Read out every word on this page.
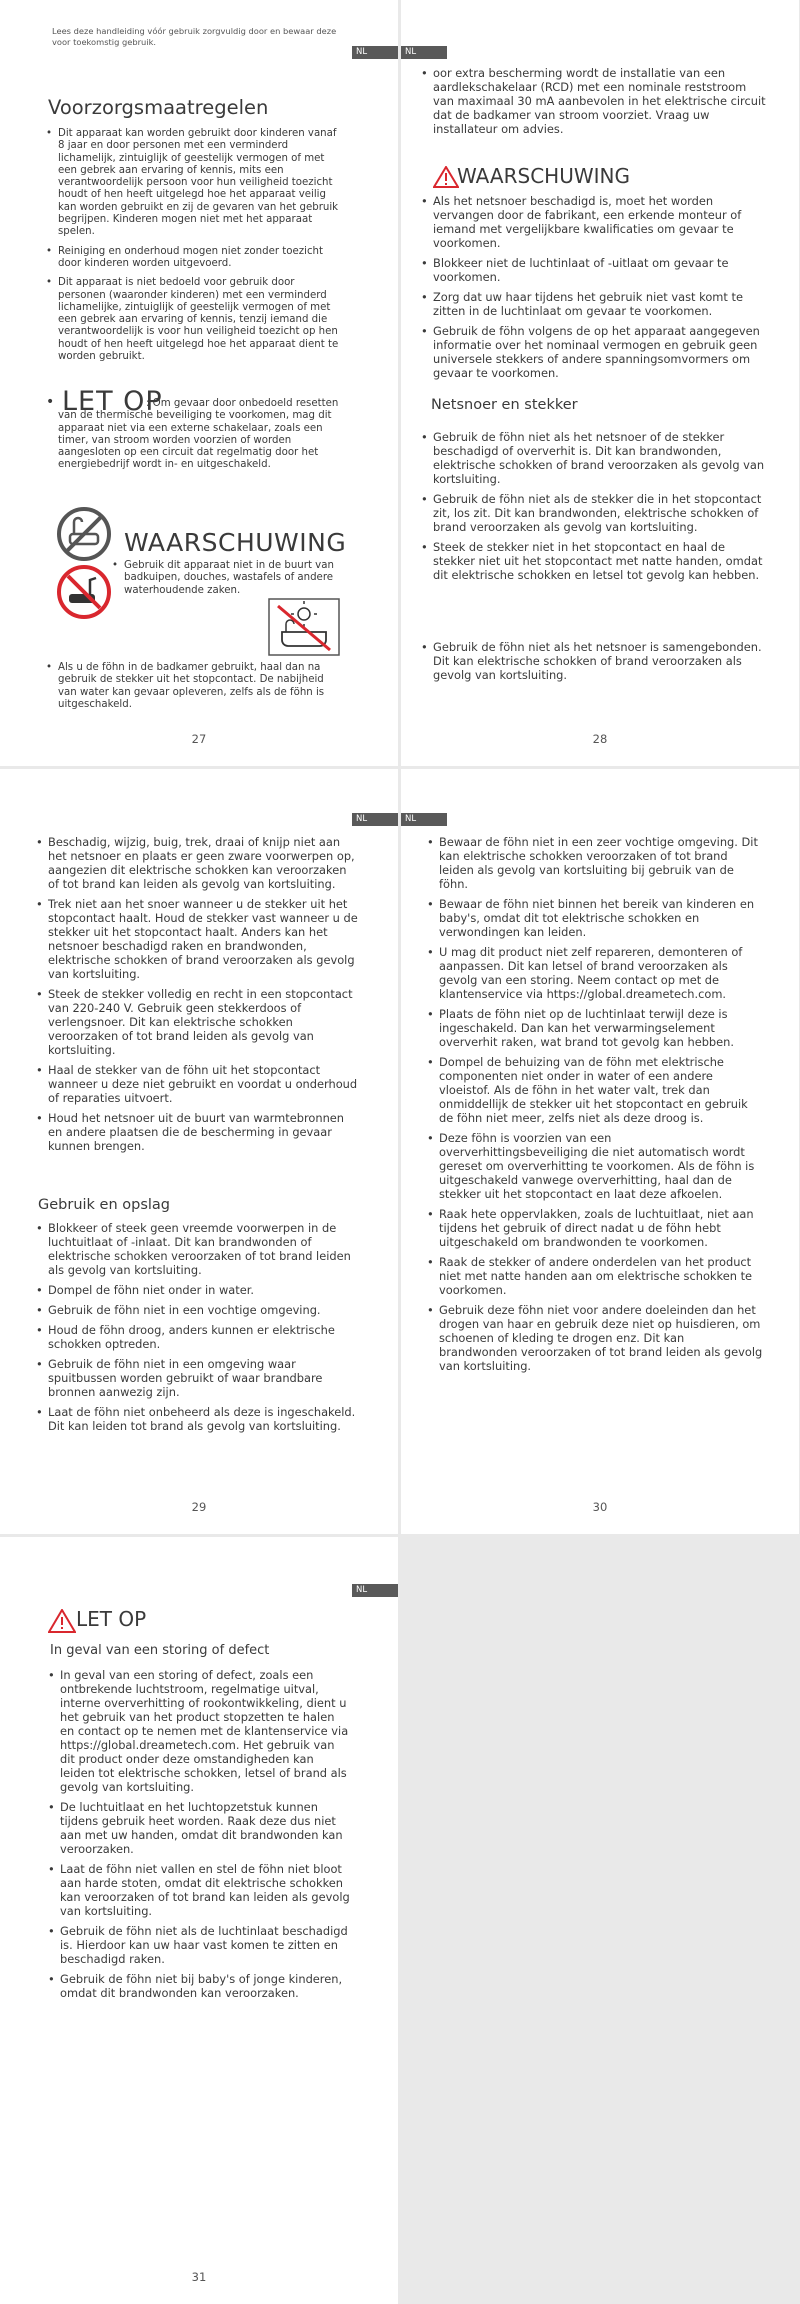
Lees deze handleiding vóór gebruik zorgvuldig door en bewaar deze voor toekomstig gebruik.
NL
Voorzorgsmaatregelen
• Dit apparaat kan worden gebruikt door kinderen vanaf 8 jaar en door personen met een verminderd lichamelijk, zintuiglijk of geestelijk vermogen of met een gebrek aan ervaring of kennis, mits een verantwoordelijk persoon voor hun veiligheid toezicht houdt of hen heeft uitgelegd hoe het apparaat veilig kan worden gebruikt en zij de gevaren van het gebruik begrijpen. Kinderen mogen niet met het apparaat spelen.
• Reiniging en onderhoud mogen niet zonder toezicht door kinderen worden uitgevoerd.
• Dit apparaat is niet bedoeld voor gebruik door personen (waaronder kinderen) met een verminderd lichamelijke, zintuiglijk of geestelijk vermogen of met een gebrek aan ervaring of kennis, tenzij iemand die verantwoordelijk is voor hun veiligheid toezicht op hen houdt of hen heeft uitgelegd hoe het apparaat dient te worden gebruikt.
• LET OP
: Om gevaar door onbedoeld resetten van de thermische beveiliging te voorkomen, mag dit apparaat niet via een externe schakelaar, zoals een timer, van stroom worden voorzien of worden aangesloten op een circuit dat regelmatig door het energiebedrijf wordt in- en uitgeschakeld.
WAARSCHUWING
• Gebruik dit apparaat niet in de buurt van badkuipen, douches, wastafels of andere waterhoudende zaken.
• Als u de föhn in de badkamer gebruikt, haal dan na gebruik de stekker uit het stopcontact. De nabijheid van water kan gevaar opleveren, zelfs als de föhn is uitgeschakeld.
27
NL
• oor extra bescherming wordt de installatie van een aardlekschakelaar (RCD) met een nominale reststroom van maximaal 30 mA aanbevolen in het elektrische circuit dat de badkamer van stroom voorziet. Vraag uw installateur om advies.
WAARSCHUWING
• Als het netsnoer beschadigd is, moet het worden vervangen door de fabrikant, een erkende monteur of iemand met vergelijkbare kwalificaties om gevaar te voorkomen.
• Blokkeer niet de luchtinlaat of -uitlaat om gevaar te voorkomen.
• Zorg dat uw haar tijdens het gebruik niet vast komt te zitten in de luchtinlaat om gevaar te voorkomen.
• Gebruik de föhn volgens de op het apparaat aangegeven informatie over het nominaal vermogen en gebruik geen universele stekkers of andere spanningsomvormers om gevaar te voorkomen.
Netsnoer en stekker
• Gebruik de föhn niet als het netsnoer of de stekker beschadigd of oververhit is. Dit kan brandwonden, elektrische schokken of brand veroorzaken als gevolg van kortsluiting.
• Gebruik de föhn niet als de stekker die in het stopcontact zit, los zit. Dit kan brandwonden, elektrische schokken of brand veroorzaken als gevolg van kortsluiting.
• Steek de stekker niet in het stopcontact en haal de stekker niet uit het stopcontact met natte handen, omdat dit elektrische schokken en letsel tot gevolg kan hebben.
• Gebruik de föhn niet als het netsnoer is samengebonden. Dit kan elektrische schokken of brand veroorzaken als gevolg van kortsluiting.
28
NL
• Beschadig, wijzig, buig, trek, draai of knijp niet aan het netsnoer en plaats er geen zware voorwerpen op, aangezien dit elektrische schokken kan veroorzaken of tot brand kan leiden als gevolg van kortsluiting.
• Trek niet aan het snoer wanneer u de stekker uit het stopcontact haalt. Houd de stekker vast wanneer u de stekker uit het stopcontact haalt. Anders kan het netsnoer beschadigd raken en brandwonden, elektrische schokken of brand veroorzaken als gevolg van kortsluiting.
• Steek de stekker volledig en recht in een stopcontact van 220-240 V. Gebruik geen stekkerdoos of verlengsnoer. Dit kan elektrische schokken veroorzaken of tot brand leiden als gevolg van kortsluiting.
• Haal de stekker van de föhn uit het stopcontact wanneer u deze niet gebruikt en voordat u onderhoud of reparaties uitvoert.
• Houd het netsnoer uit de buurt van warmtebronnen en andere plaatsen die de bescherming in gevaar kunnen brengen.
Gebruik en opslag
• Blokkeer of steek geen vreemde voorwerpen in de luchtuitlaat of -inlaat. Dit kan brandwonden of elektrische schokken veroorzaken of tot brand leiden als gevolg van kortsluiting.
• Dompel de föhn niet onder in water.
• Gebruik de föhn niet in een vochtige omgeving.
• Houd de föhn droog, anders kunnen er elektrische schokken optreden.
• Gebruik de föhn niet in een omgeving waar spuitbussen worden gebruikt of waar brandbare bronnen aanwezig zijn.
• Laat de föhn niet onbeheerd als deze is ingeschakeld. Dit kan leiden tot brand als gevolg van kortsluiting.
29
NL
• Bewaar de föhn niet in een zeer vochtige omgeving. Dit kan elektrische schokken veroorzaken of tot brand leiden als gevolg van kortsluiting bij gebruik van de föhn.
• Bewaar de föhn niet binnen het bereik van kinderen en baby's, omdat dit tot elektrische schokken en verwondingen kan leiden.
• U mag dit product niet zelf repareren, demonteren of aanpassen. Dit kan letsel of brand veroorzaken als gevolg van een storing. Neem contact op met de klantenservice via https://global.dreametech.com.
• Plaats de föhn niet op de luchtinlaat terwijl deze is ingeschakeld. Dan kan het verwarmingselement oververhit raken, wat brand tot gevolg kan hebben.
• Dompel de behuizing van de föhn met elektrische componenten niet onder in water of een andere vloeistof. Als de föhn in het water valt, trek dan onmiddellijk de stekker uit het stopcontact en gebruik de föhn niet meer, zelfs niet als deze droog is.
• Deze föhn is voorzien van een oververhittingsbeveiliging die niet automatisch wordt gereset om oververhitting te voorkomen. Als de föhn is uitgeschakeld vanwege oververhitting, haal dan de stekker uit het stopcontact en laat deze afkoelen.
• Raak hete oppervlakken, zoals de luchtuitlaat, niet aan tijdens het gebruik of direct nadat u de föhn hebt uitgeschakeld om brandwonden te voorkomen.
• Raak de stekker of andere onderdelen van het product niet met natte handen aan om elektrische schokken te voorkomen.
• Gebruik deze föhn niet voor andere doeleinden dan het drogen van haar en gebruik deze niet op huisdieren, om schoenen of kleding te drogen enz. Dit kan brandwonden veroorzaken of tot brand leiden als gevolg van kortsluiting.
30
NL
LET OP
In geval van een storing of defect
• In geval van een storing of defect, zoals een ontbrekende luchtstroom, regelmatige uitval, interne oververhitting of rookontwikkeling, dient u het gebruik van het product stopzetten te halen en contact op te nemen met de klantenservice via https://global.dreametech.com. Het gebruik van dit product onder deze omstandigheden kan leiden tot elektrische schokken, letsel of brand als gevolg van kortsluiting.
• De luchtuitlaat en het luchtopzetstuk kunnen tijdens gebruik heet worden. Raak deze dus niet aan met uw handen, omdat dit brandwonden kan veroorzaken.
• Laat de föhn niet vallen en stel de föhn niet bloot aan harde stoten, omdat dit elektrische schokken kan veroorzaken of tot brand kan leiden als gevolg van kortsluiting.
• Gebruik de föhn niet als de luchtinlaat beschadigd is. Hierdoor kan uw haar vast komen te zitten en beschadigd raken.
• Gebruik de föhn niet bij baby's of jonge kinderen, omdat dit brandwonden kan veroorzaken.
31
